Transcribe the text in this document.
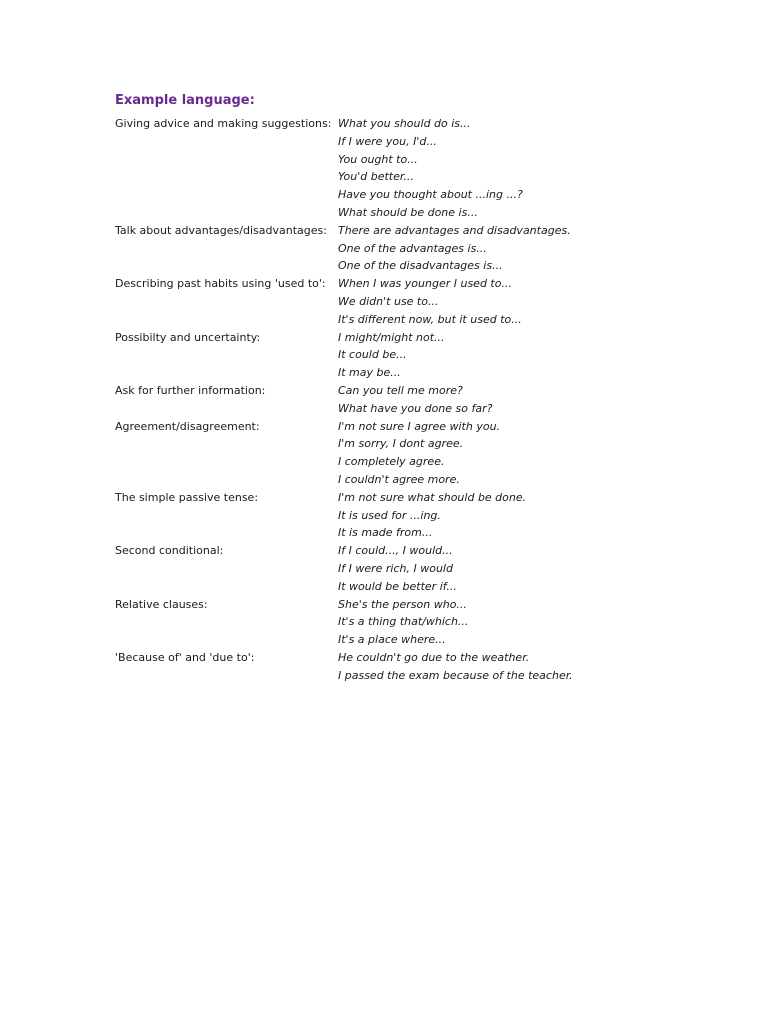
Example language:
Giving advice and making suggestions: What you should do is...
If I were you, I'd...
You ought to...
You'd better...
Have you thought about ...ing ...?
What should be done is...
Talk about advantages/disadvantages:	There are advantages and disadvantages.
One of the advantages is...
One of the disadvantages is...
Describing past habits using 'used to':	When I was younger I used to...
We didn't use to...
It's different now, but it used to...
Possibilty and uncertainty:	I might/might not...
It could be...
It may be...
Ask for further information:	Can you tell me more?
What have you done so far?
Agreement/disagreement:	I'm not sure I agree with you.
I'm sorry, I dont agree.
I completely agree.
I couldn't agree more.
The simple passive tense:	I'm not sure what should be done.
It is used for ...ing.
It is made from...
Second conditional:	If I could..., I would...
If I were rich, I would
It would be better if...
Relative clauses:	She's the person who...
It's a thing that/which...
It's a place where...
'Because of' and 'due to':	He couldn't go due to the weather.
I passed the exam because of the teacher.
